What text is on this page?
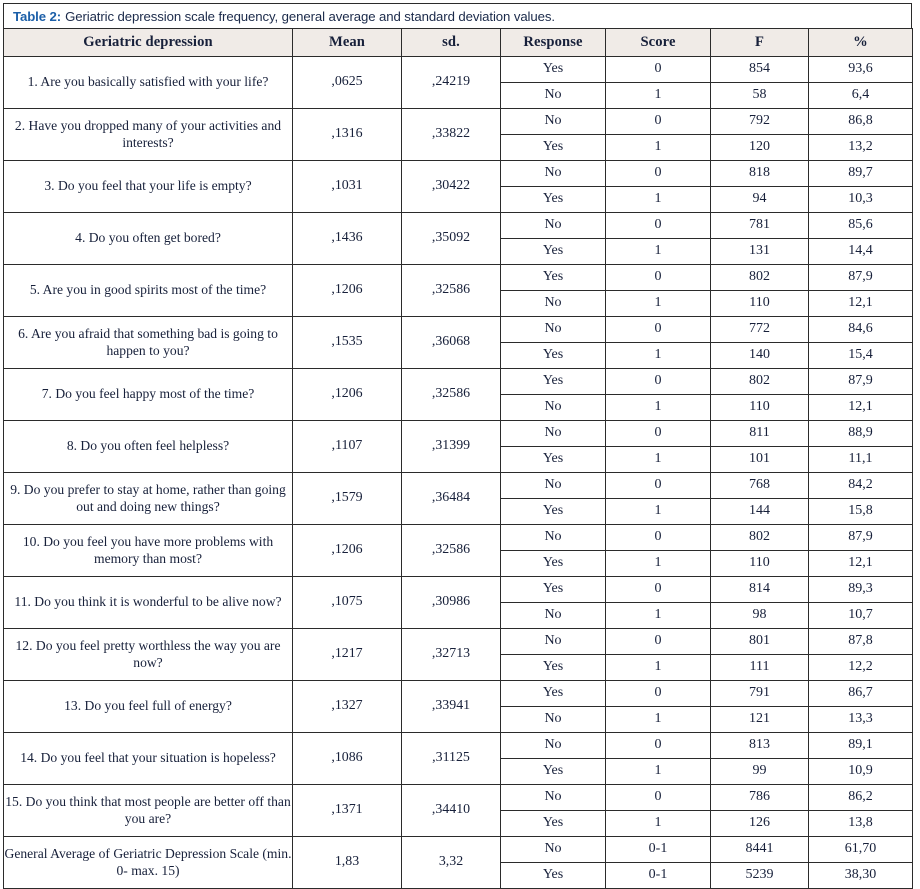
Table 2: Geriatric depression scale frequency, general average and standard deviation values.
Geriatric depression	Mean	sd.	Response	Score	F	%
1. Are you basically satisfied with your life?	,0625	,24219	Yes	0	854	93,6
			No	1	58	6,4
2. Have you dropped many of your activities and interests?	,1316	,33822	No	0	792	86,8
			Yes	1	120	13,2
3. Do you feel that your life is empty?	,1031	,30422	No	0	818	89,7
			Yes	1	94	10,3
4. Do you often get bored?	,1436	,35092	No	0	781	85,6
			Yes	1	131	14,4
5. Are you in good spirits most of the time?	,1206	,32586	Yes	0	802	87,9
			No	1	110	12,1
6. Are you afraid that something bad is going to happen to you?	,1535	,36068	No	0	772	84,6
			Yes	1	140	15,4
7. Do you feel happy most of the time?	,1206	,32586	Yes	0	802	87,9
			No	1	110	12,1
8. Do you often feel helpless?	,1107	,31399	No	0	811	88,9
			Yes	1	101	11,1
9. Do you prefer to stay at home, rather than going out and doing new things?	,1579	,36484	No	0	768	84,2
			Yes	1	144	15,8
10. Do you feel you have more problems with memory than most?	,1206	,32586	No	0	802	87,9
			Yes	1	110	12,1
11. Do you think it is wonderful to be alive now?	,1075	,30986	Yes	0	814	89,3
			No	1	98	10,7
12. Do you feel pretty worthless the way you are now?	,1217	,32713	No	0	801	87,8
			Yes	1	111	12,2
13. Do you feel full of energy?	,1327	,33941	Yes	0	791	86,7
			No	1	121	13,3
14. Do you feel that your situation is hopeless?	,1086	,31125	No	0	813	89,1
			Yes	1	99	10,9
15. Do you think that most people are better off than you are?	,1371	,34410	No	0	786	86,2
			Yes	1	126	13,8
General Average of Geriatric Depression Scale (min. 0- max. 15)	1,83	3,32	No	0-1	8441	61,70
			Yes	0-1	5239	38,30
